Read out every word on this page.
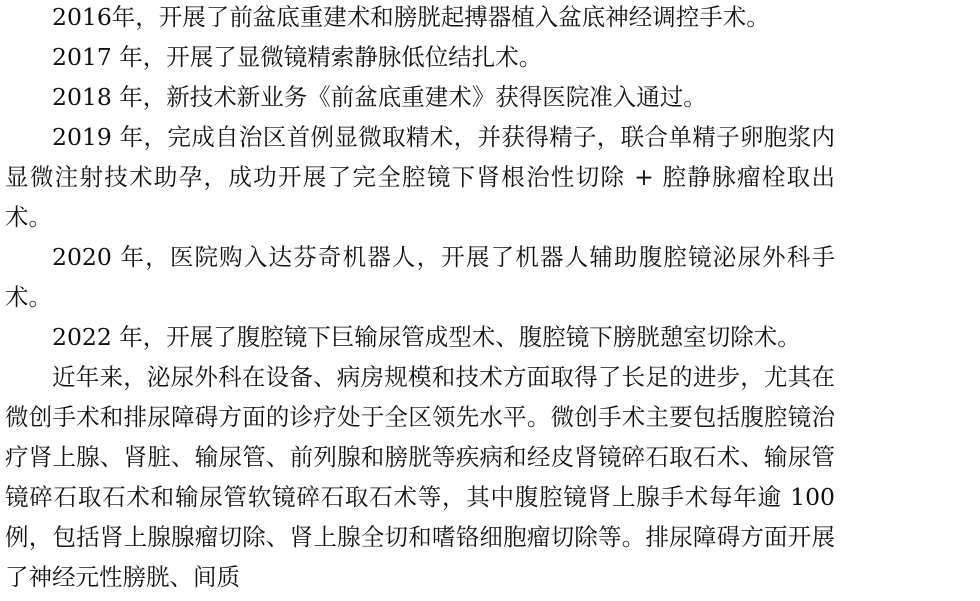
2016年，开展了前盆底重建术和膀胱起搏器植入盆底神经调控手术。

2017 年，开展了显微镜精索静脉低位结扎术。

2018 年，新技术新业务《前盆底重建术》获得医院准入通过。

2019 年，完成自治区首例显微取精术，并获得精子，联合单精子卵胞浆内显微注射技术助孕，成功开展了完全腔镜下肾根治性切除 + 腔静脉瘤栓取出术。

2020 年，医院购入达芬奇机器人，开展了机器人辅助腹腔镜泌尿外科手术。

2022 年，开展了腹腔镜下巨输尿管成型术、腹腔镜下膀胱憩室切除术。

近年来，泌尿外科在设备、病房规模和技术方面取得了长足的进步，尤其在微创手术和排尿障碍方面的诊疗处于全区领先水平。微创手术主要包括腹腔镜治疗肾上腺、肾脏、输尿管、前列腺和膀胱等疾病和经皮肾镜碎石取石术、输尿管镜碎石取石术和输尿管软镜碎石取石术等，其中腹腔镜肾上腺手术每年逾 100 例，包括肾上腺腺瘤切除、肾上腺全切和嗜铬细胞瘤切除等。排尿障碍方面开展了神经元性膀胱、间质
